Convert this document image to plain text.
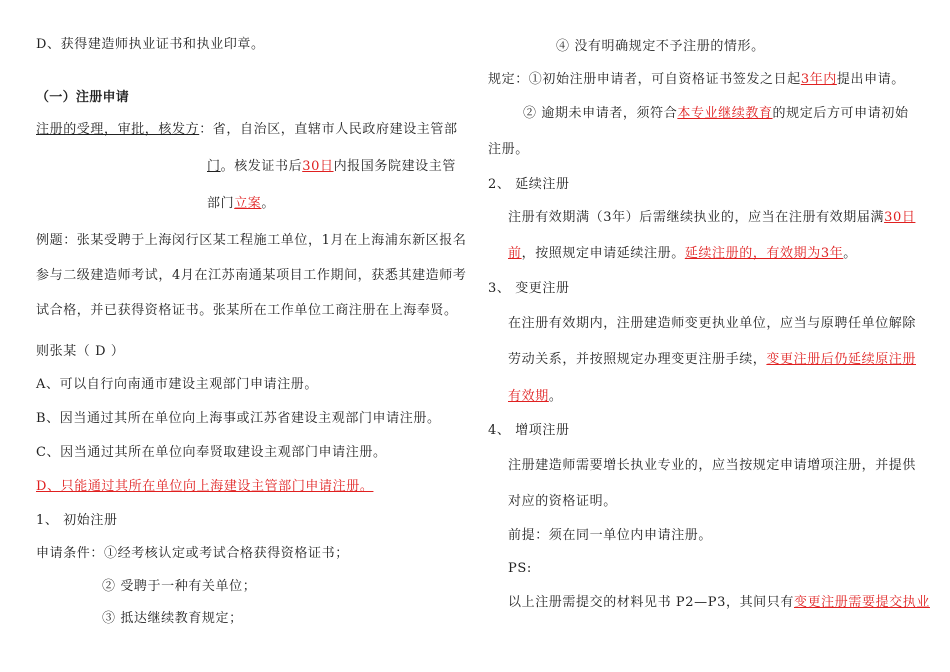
D、获得建造师执业证书和执业印章。
（一）注册申请
注册的受理，审批，核发方：省，自治区，直辖市人民政府建设主管部
门。核发证书后30日内报国务院建设主管
部门立案。
例题：张某受聘于上海闵行区某工程施工单位，1月在上海浦东新区报名
参与二级建造师考试，4月在江苏南通某项目工作期间，获悉其建造师考
试合格，并已获得资格证书。张某所在工作单位工商注册在上海奉贤。
则张某（ D ）
A、可以自行向南通市建设主观部门申请注册。
B、因当通过其所在单位向上海事或江苏省建设主观部门申请注册。
C、因当通过其所在单位向奉贤取建设主观部门申请注册。
D、只能通过其所在单位向上海建设主管部门申请注册。
1、 初始注册
申请条件：①经考核认定或考试合格获得资格证书；
② 受聘于一种有关单位；
③ 抵达继续教育规定；
④ 没有明确规定不予注册的情形。
规定：①初始注册申请者，可自资格证书签发之日起3年内提出申请。
② 逾期未申请者，须符合本专业继续教育的规定后方可申请初始
注册。
2、 延续注册
注册有效期满（3年）后需继续执业的，应当在注册有效期届满30日
前，按照规定申请延续注册。延续注册的，有效期为3年。
3、 变更注册
在注册有效期内，注册建造师变更执业单位，应当与原聘任单位解除
劳动关系，并按照规定办理变更注册手续，变更注册后仍延续原注册
有效期。
4、 增项注册
注册建造师需要增长执业专业的，应当按规定申请增项注册，并提供
对应的资格证明。
前提：须在同一单位内申请注册。
PS:
以上注册需提交的材料见书 P2—P3，其间只有变更注册需要提交执业
